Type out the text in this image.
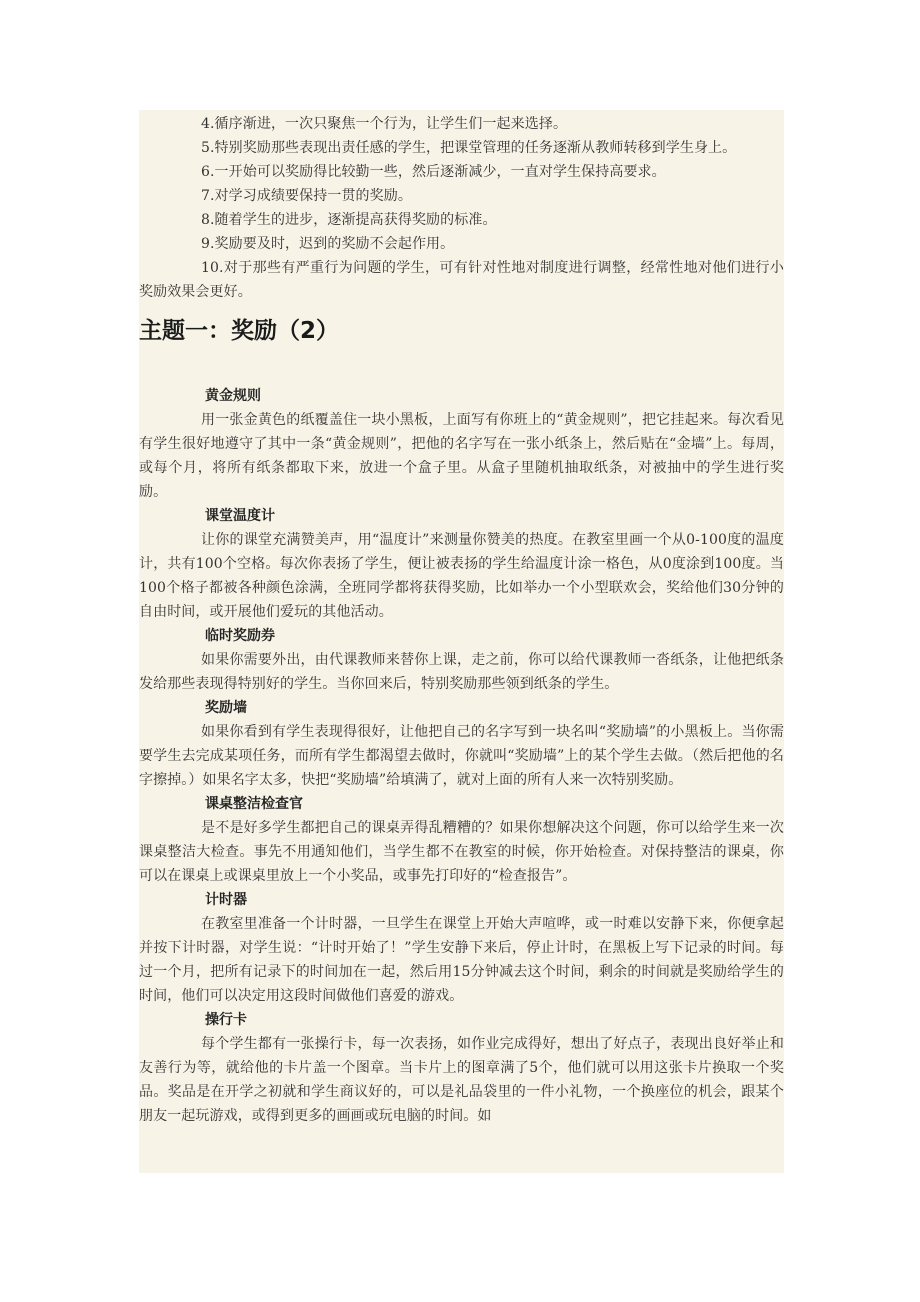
4.循序渐进，一次只聚焦一个行为，让学生们一起来选择。

5.特别奖励那些表现出责任感的学生，把课堂管理的任务逐渐从教师转移到学生身上。

6.一开始可以奖励得比较勤一些，然后逐渐减少，一直对学生保持高要求。

7.对学习成绩要保持一贯的奖励。

8.随着学生的进步，逐渐提高获得奖励的标准。

9.奖励要及时，迟到的奖励不会起作用。

10.对于那些有严重行为问题的学生，可有针对性地对制度进行调整，经常性地对他们进行小奖励效果会更好。

主题一：奖励（2）

黄金规则

用一张金黄色的纸覆盖住一块小黑板，上面写有你班上的“黄金规则”，把它挂起来。每次看见有学生很好地遵守了其中一条“黄金规则”，把他的名字写在一张小纸条上，然后贴在“金墙”上。每周，或每个月，将所有纸条都取下来，放进一个盒子里。从盒子里随机抽取纸条，对被抽中的学生进行奖励。

课堂温度计

让你的课堂充满赞美声，用“温度计”来测量你赞美的热度。在教室里画一个从0-100度的温度计，共有100个空格。每次你表扬了学生，便让被表扬的学生给温度计涂一格色，从0度涂到100度。当100个格子都被各种颜色涂满，全班同学都将获得奖励，比如举办一个小型联欢会，奖给他们30分钟的自由时间，或开展他们爱玩的其他活动。

临时奖励券

如果你需要外出，由代课教师来替你上课，走之前，你可以给代课教师一沓纸条，让他把纸条发给那些表现得特别好的学生。当你回来后，特别奖励那些领到纸条的学生。

奖励墙

如果你看到有学生表现得很好，让他把自己的名字写到一块名叫“奖励墙”的小黑板上。当你需要学生去完成某项任务，而所有学生都渴望去做时，你就叫“奖励墙”上的某个学生去做。（然后把他的名字擦掉。）如果名字太多，快把“奖励墙”给填满了，就对上面的所有人来一次特别奖励。

课桌整洁检查官

是不是好多学生都把自己的课桌弄得乱糟糟的？如果你想解决这个问题，你可以给学生来一次课桌整洁大检查。事先不用通知他们，当学生都不在教室的时候，你开始检查。对保持整洁的课桌，你可以在课桌上或课桌里放上一个小奖品，或事先打印好的“检查报告”。

计时器

在教室里准备一个计时器，一旦学生在课堂上开始大声喧哗，或一时难以安静下来，你便拿起并按下计时器，对学生说：“计时开始了！”学生安静下来后，停止计时，在黑板上写下记录的时间。每过一个月，把所有记录下的时间加在一起，然后用15分钟减去这个时间，剩余的时间就是奖励给学生的时间，他们可以决定用这段时间做他们喜爱的游戏。

操行卡

每个学生都有一张操行卡，每一次表扬，如作业完成得好，想出了好点子，表现出良好举止和友善行为等，就给他的卡片盖一个图章。当卡片上的图章满了5个，他们就可以用这张卡片换取一个奖品。奖品是在开学之初就和学生商议好的，可以是礼品袋里的一件小礼物，一个换座位的机会，跟某个朋友一起玩游戏，或得到更多的画画或玩电脑的时间。如
